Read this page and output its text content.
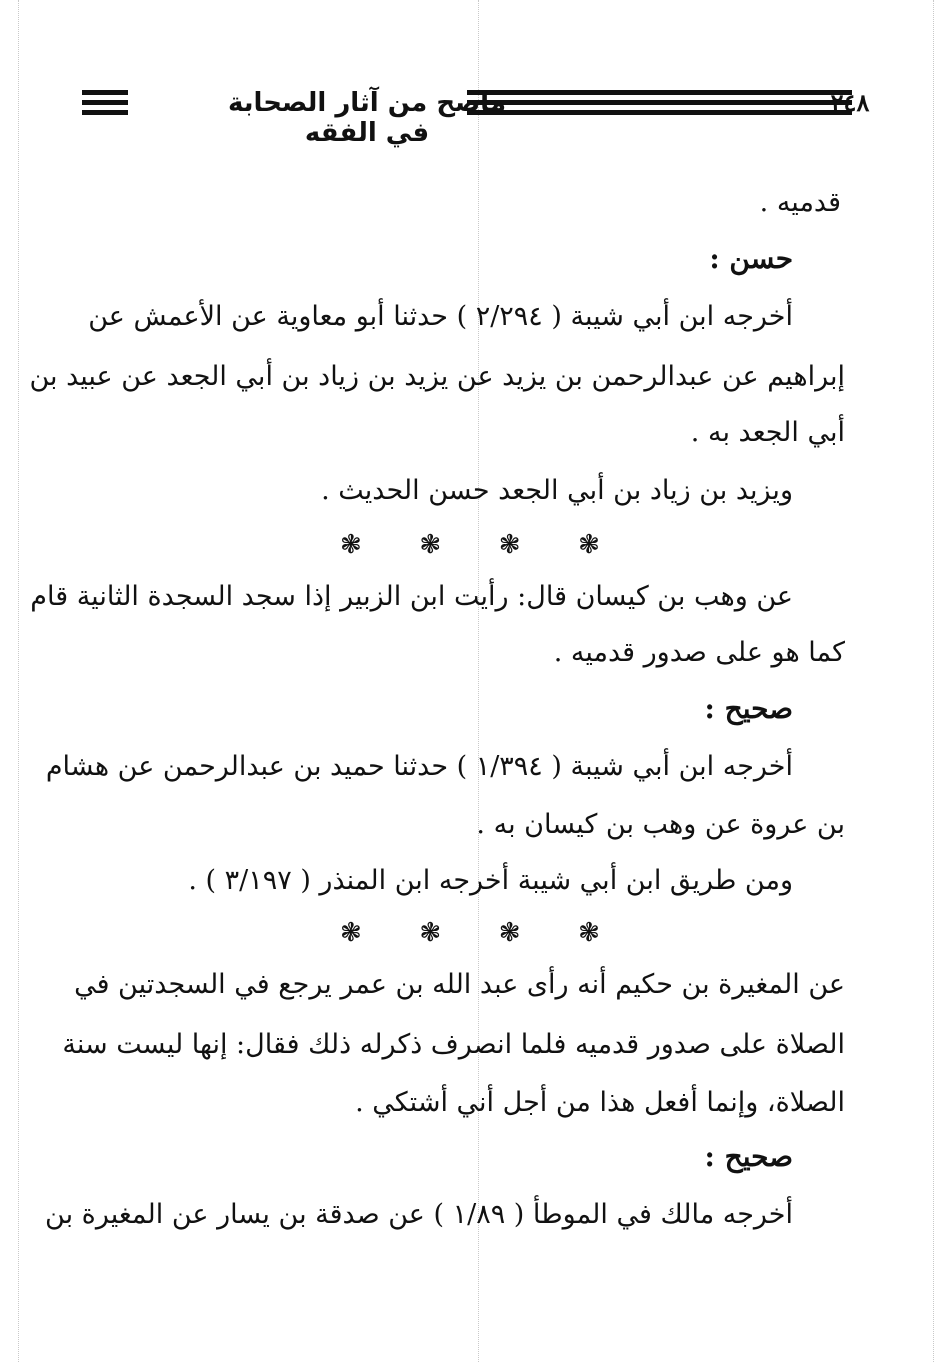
٢٤٨
ماصح من آثار الصحابة في الفقه
قدميه .
حسن :
أخرجه ابن أبي شيبة ( ٢/٢٩٤ ) حدثنا أبو معاوية عن الأعمش عن
إبراهيم عن عبدالرحمن بن يزيد عن يزيد بن زياد بن أبي الجعد عن عبيد بن
أبي الجعد به .
ويزيد بن زياد بن أبي الجعد حسن الحديث .
❃ ❃ ❃ ❃
عن وهب بن كيسان قال: رأيت ابن الزبير إذا سجد السجدة الثانية قام
كما هو على صدور قدميه .
صحيح :
أخرجه ابن أبي شيبة ( ١/٣٩٤ ) حدثنا حميد بن عبدالرحمن عن هشام
بن عروة عن وهب بن كيسان به .
ومن طريق ابن أبي شيبة أخرجه ابن المنذر ( ٣/١٩٧ ) .
❃ ❃ ❃ ❃
عن المغيرة بن حكيم أنه رأى عبد الله بن عمر يرجع في السجدتين في
الصلاة على صدور قدميه فلما انصرف ذكرله ذلك فقال: إنها ليست سنة
الصلاة، وإنما أفعل هذا من أجل أني أشتكي .
صحيح :
أخرجه مالك في الموطأ ( ١/٨٩ ) عن صدقة بن يسار عن المغيرة بن
